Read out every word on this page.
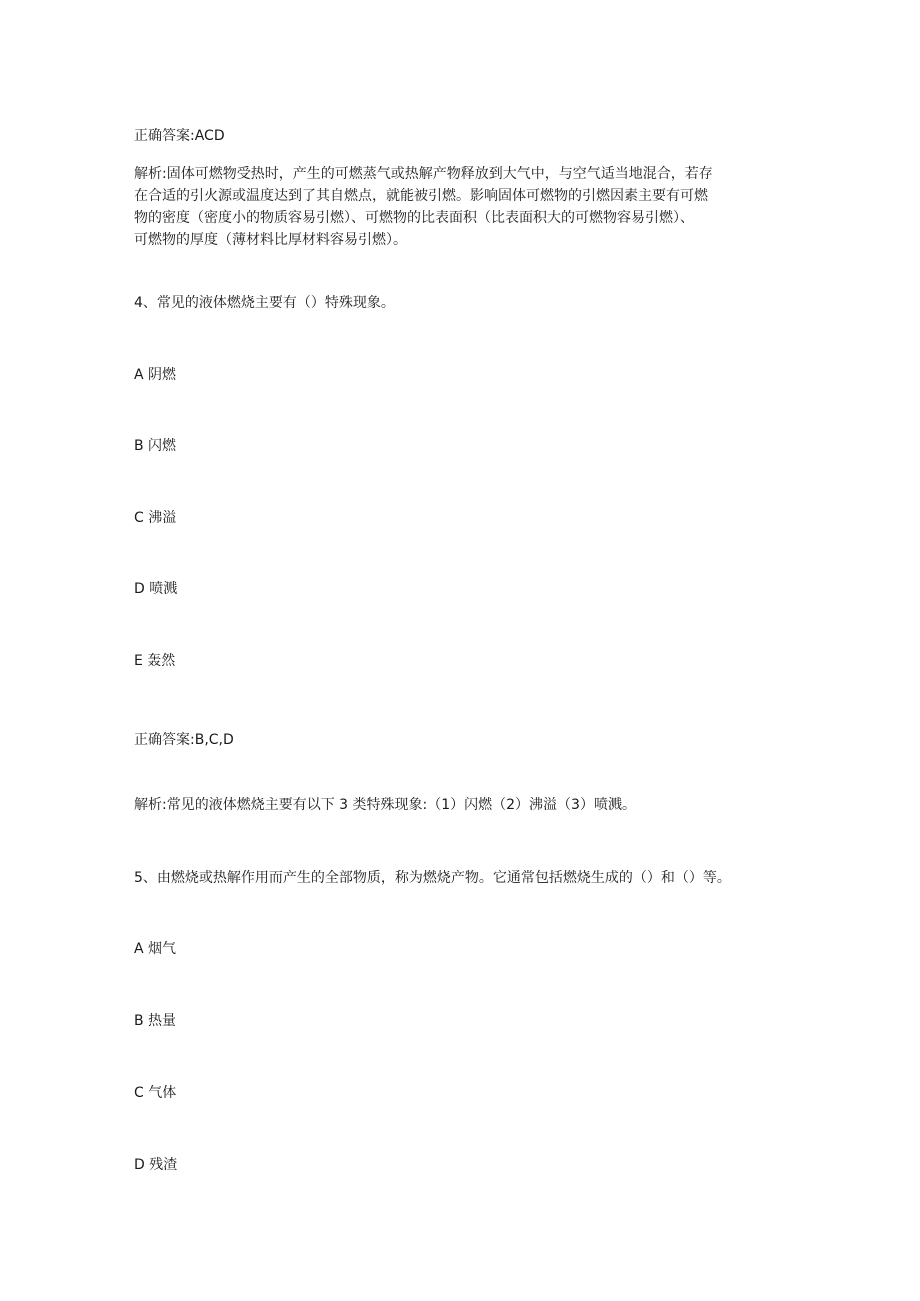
正确答案:ACD
解析:固体可燃物受热时，产生的可燃蒸气或热解产物释放到大气中，与空气适当地混合，若存
在合适的引火源或温度达到了其自燃点，就能被引燃。影响固体可燃物的引燃因素主要有可燃
物的密度（密度小的物质容易引燃）、可燃物的比表面积（比表面积大的可燃物容易引燃）、
可燃物的厚度（薄材料比厚材料容易引燃）。
4、常见的液体燃烧主要有（）特殊现象。
A 阴燃
B 闪燃
C 沸溢
D 喷溅
E 轰然
正确答案:B,C,D
解析:常见的液体燃烧主要有以下 3 类特殊现象:（1）闪燃（2）沸溢（3）喷溅。
5、由燃烧或热解作用而产生的全部物质，称为燃烧产物。它通常包括燃烧生成的（）和（）等。
A 烟气
B 热量
C 气体
D 残渣
